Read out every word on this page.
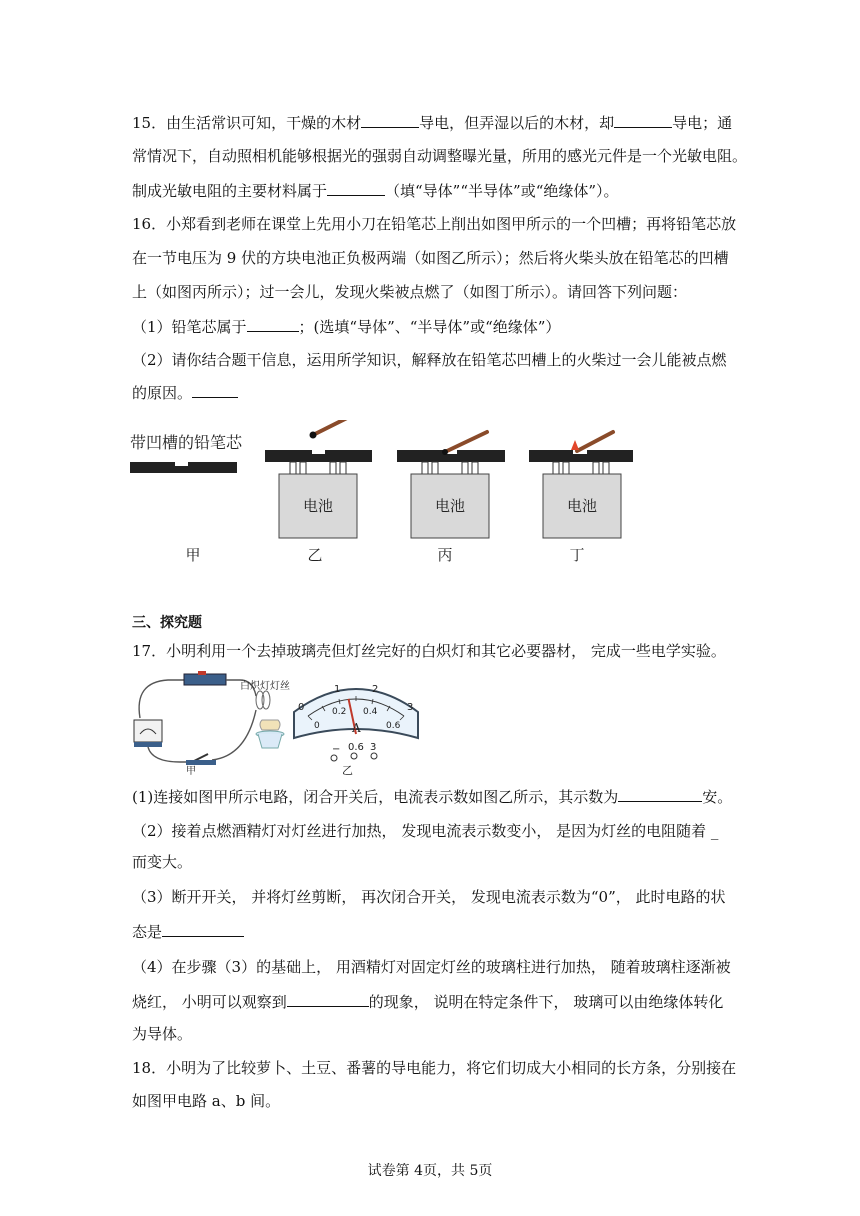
15．由生活常识可知，干燥的木材	导电，但弄湿以后的木材，却	导电；通
常情况下，自动照相机能够根据光的强弱自动调整曝光量，所用的感光元件是一个光敏电阻。
制成光敏电阻的主要材料属于	（填“导体”“半导体”或“绝缘体”）。
16．小郑看到老师在课堂上先用小刀在铅笔芯上削出如图甲所示的一个凹槽；再将铅笔芯放
在一节电压为 9 伏的方块电池正负极两端（如图乙所示）；然后将火柴头放在铅笔芯的凹槽
上（如图丙所示）；过一会儿，发现火柴被点燃了（如图丁所示）。请回答下列问题：
（1）铅笔芯属于	；(选填“导体”、“半导体”或“绝缘体”）
（2）请你结合题干信息，运用所学知识，解释放在铅笔芯凹槽上的火柴过一会儿能被点燃
的原因。
带凹槽的铅笔芯
甲
电池
乙
电池
丙
电池
丁
三、探究题
17．小明利用一个去掉玻璃壳但灯丝完好的白炽灯和其它必要器材， 完成一些电学实验。
白炽灯灯丝
甲
0
1	2
3
0
0.2 0.4
0.6
A
− 0.6 3
乙
(1)连接如图甲所示电路，闭合开关后，电流表示数如图乙所示，其示数为	安。
（2）接着点燃酒精灯对灯丝进行加热， 发现电流表示数变小， 是因为灯丝的电阻随着 _
而变大。
（3）断开开关， 并将灯丝剪断， 再次闭合开关， 发现电流表示数为“0”， 此时电路的状
态是
（4）在步骤（3）的基础上， 用酒精灯对固定灯丝的玻璃柱进行加热， 随着玻璃柱逐渐被
烧红， 小明可以观察到	的现象， 说明在特定条件下， 玻璃可以由绝缘体转化
为导体。
18．小明为了比较萝卜、土豆、番薯的导电能力，将它们切成大小相同的长方条，分别接在
如图甲电路 a、b 间。
试卷第 4页，共 5页
